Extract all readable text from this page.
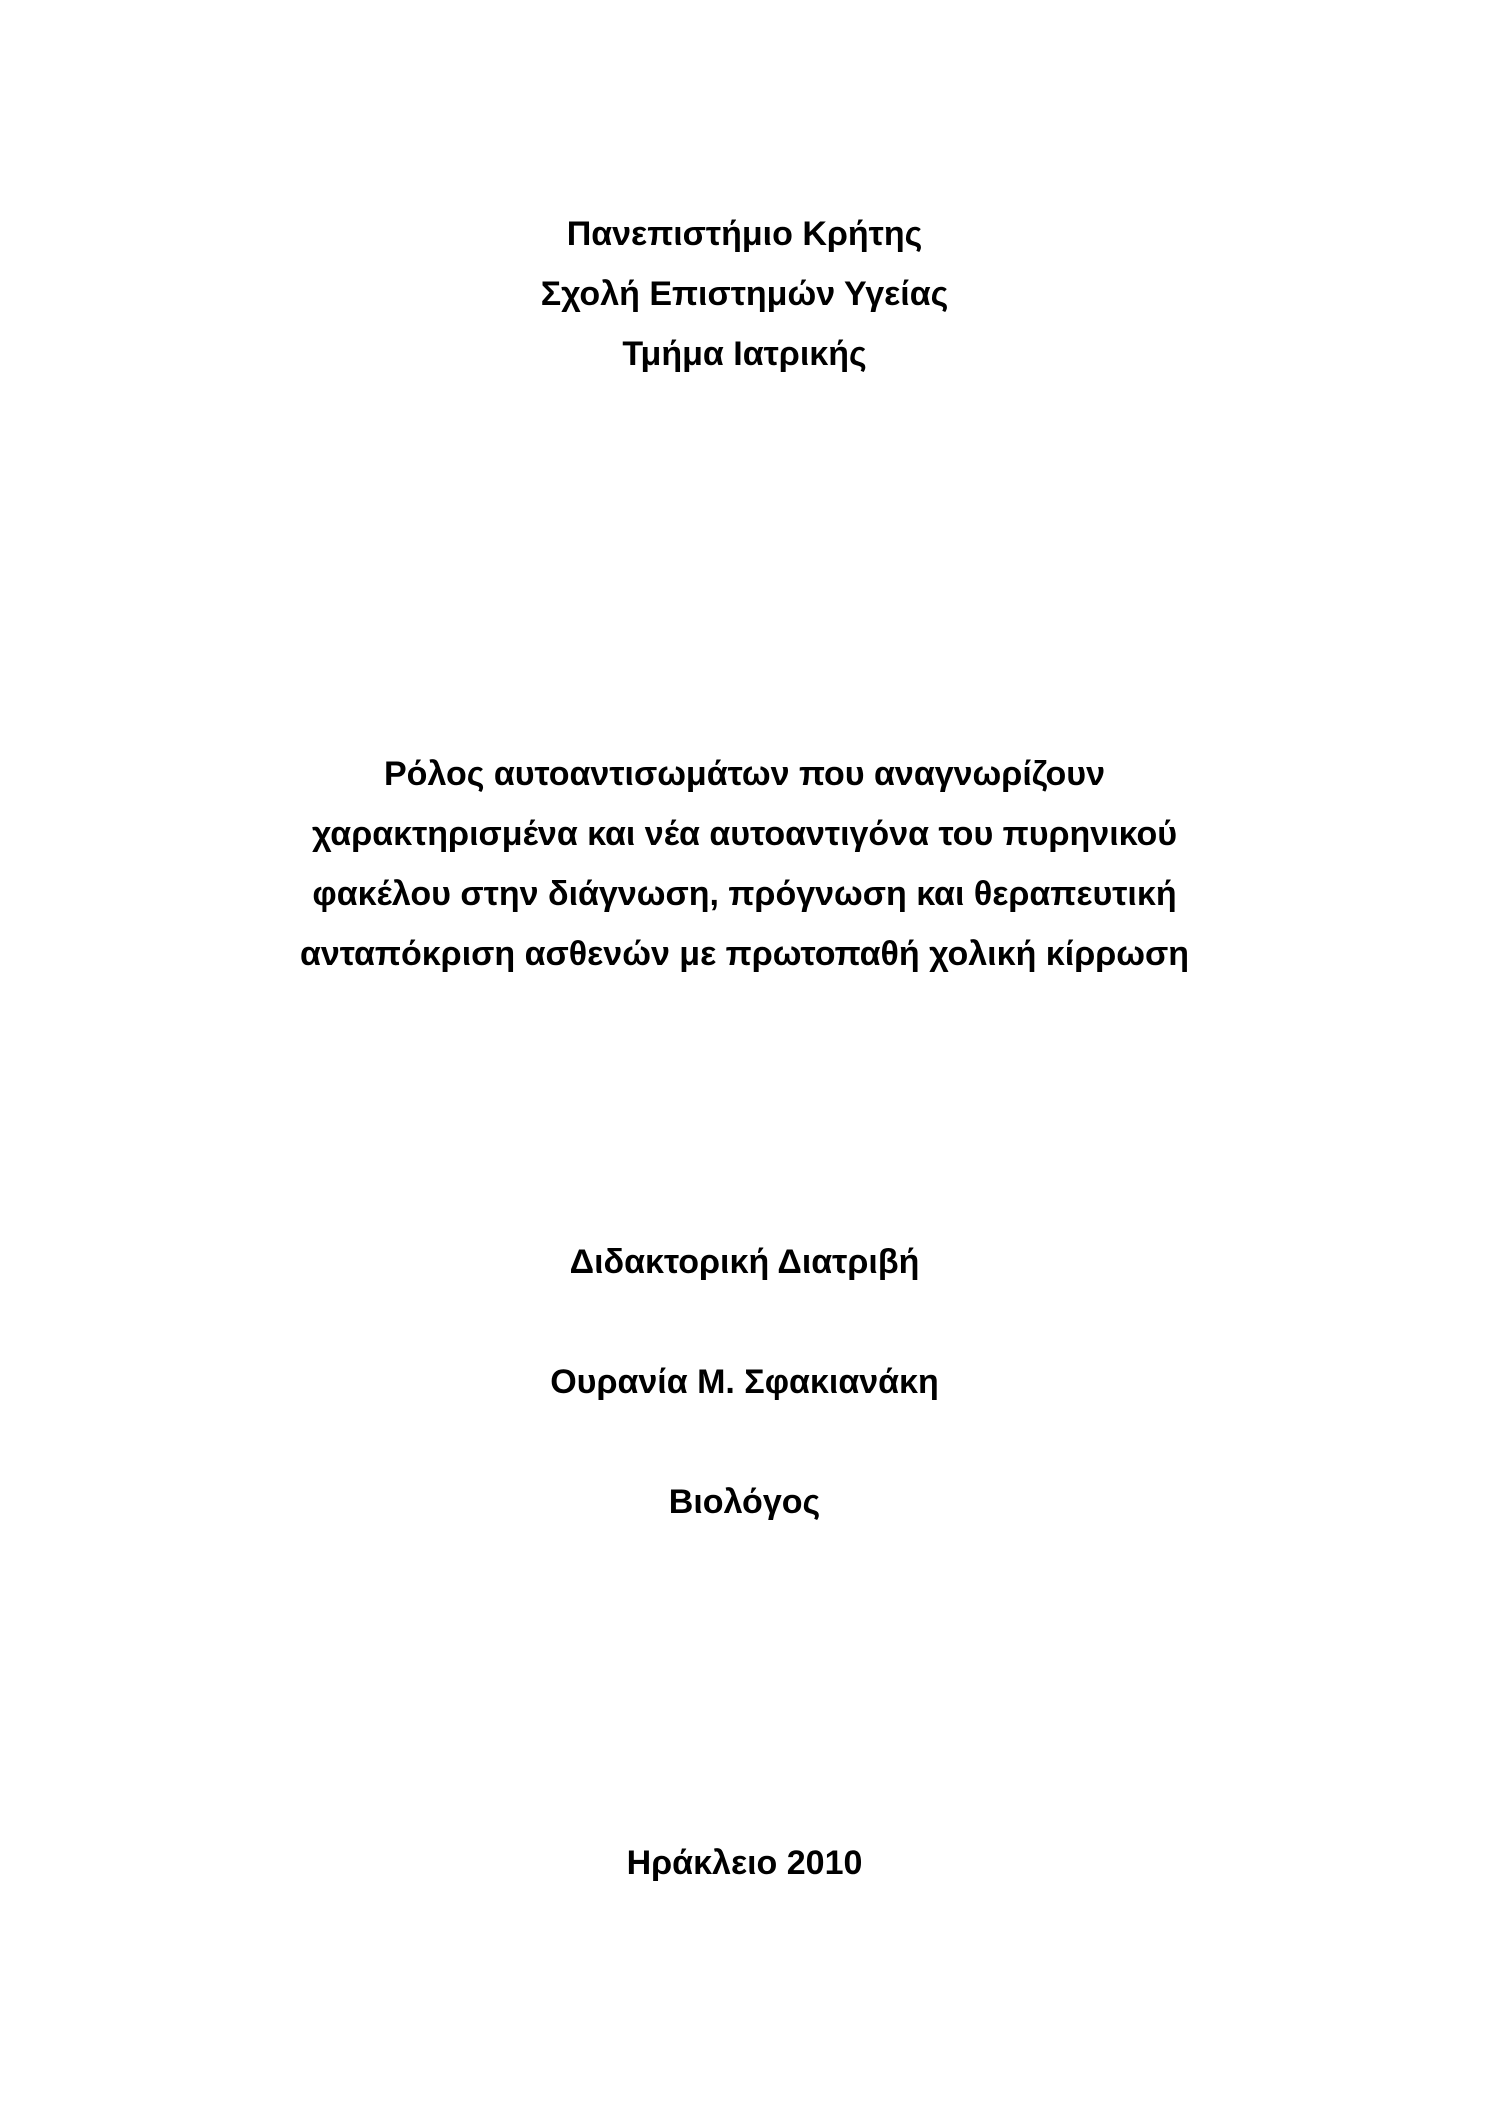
Πανεπιστήμιο Κρήτης
Σχολή Επιστημών Υγείας
Τμήμα Ιατρικής
Ρόλος αυτοαντισωμάτων που αναγνωρίζουν
χαρακτηρισμένα και νέα αυτοαντιγόνα του πυρηνικού
φακέλου στην διάγνωση, πρόγνωση και θεραπευτική
ανταπόκριση ασθενών με πρωτοπαθή χολική κίρρωση
Διδακτορική Διατριβή
Ουρανία Μ. Σφακιανάκη
Βιολόγος
Ηράκλειο 2010
